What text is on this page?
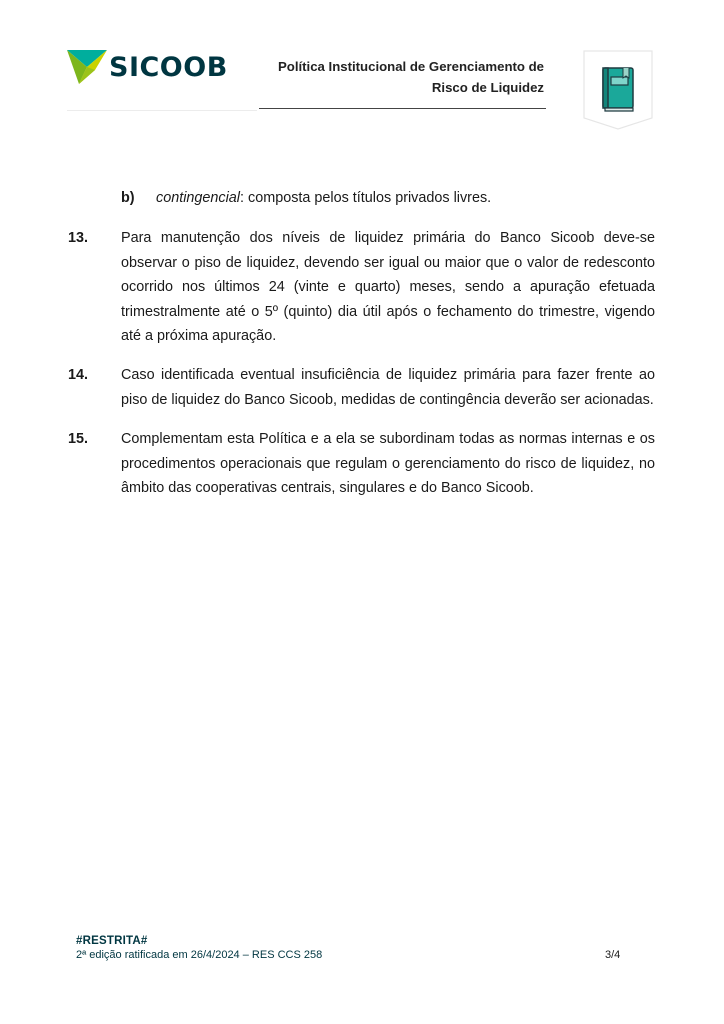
SICOOB	Política Institucional de Gerenciamento de
Risco de Liquidez
b) contingencial: composta pelos títulos privados livres.
13. Para manutenção dos níveis de liquidez primária do Banco Sicoob deve-se observar o piso de liquidez, devendo ser igual ou maior que o valor de redesconto ocorrido nos últimos 24 (vinte e quarto) meses, sendo a apuração efetuada trimestralmente até o 5º (quinto) dia útil após o fechamento do trimestre, vigendo até a próxima apuração.
14. Caso identificada eventual insuficiência de liquidez primária para fazer frente ao piso de liquidez do Banco Sicoob, medidas de contingência deverão ser acionadas.
15. Complementam esta Política e a ela se subordinam todas as normas internas e os procedimentos operacionais que regulam o gerenciamento do risco de liquidez, no âmbito das cooperativas centrais, singulares e do Banco Sicoob.
#RESTRITA#
2ª edição ratificada em 26/4/2024 – RES CCS 258	3/4
